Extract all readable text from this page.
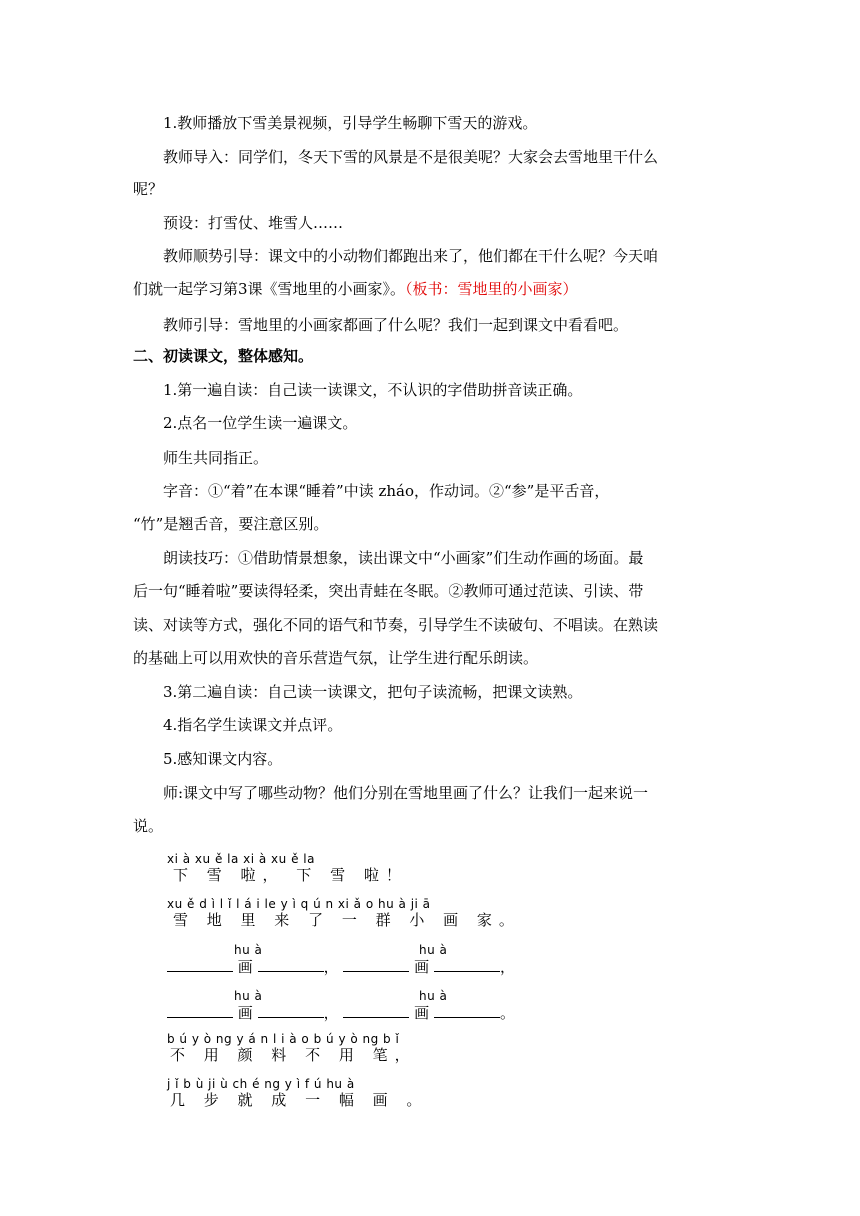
1.教师播放下雪美景视频，引导学生畅聊下雪天的游戏。
教师导入：同学们，冬天下雪的风景是不是很美呢？大家会去雪地里干什么
呢？
预设：打雪仗、堆雪人……
教师顺势引导：课文中的小动物们都跑出来了，他们都在干什么呢？今天咱
们就一起学习第3课《雪地里的小画家》。（板书：雪地里的小画家）
教师引导：雪地里的小画家都画了什么呢？我们一起到课文中看看吧。
二、初读课文，整体感知。
1.第一遍自读：自己读一读课文，不认识的字借助拼音读正确。
2.点名一位学生读一遍课文。
师生共同指正。
字音：①“着”在本课“睡着”中读 zháo，作动词。②“参”是平舌音，
“竹”是翘舌音，要注意区别。
朗读技巧：①借助情景想象，读出课文中“小画家”们生动作画的场面。最
后一句“睡着啦”要读得轻柔，突出青蛙在冬眠。②教师可通过范读、引读、带
读、对读等方式，强化不同的语气和节奏，引导学生不读破句、不唱读。在熟读
的基础上可以用欢快的音乐营造气氛，让学生进行配乐朗读。
3.第二遍自读：自己读一读课文，把句子读流畅，把课文读熟。
4.指名学生读课文并点评。
5.感知课文内容。
师:课文中写了哪些动物？他们分别在雪地里画了什么？让我们一起来说一
说。
xi à xu ě la xi à xu ě la
下 雪 啦， 下 雪 啦！
xu ě d ì l ǐ l á i le y ì q ú n xi ǎ o hu à ji ā
雪 地 里 来 了 一 群 小 画 家。
hu à	hu à
画	，	画	，
hu à	hu à
画	，	画	。
b ú y ò ng y á n l i à o b ú y ò ng b ǐ
不 用 颜 料 不 用 笔，
j ǐ b ù ji ù ch é ng y ì f ú hu à
几 步 就 成 一 幅 画 。
